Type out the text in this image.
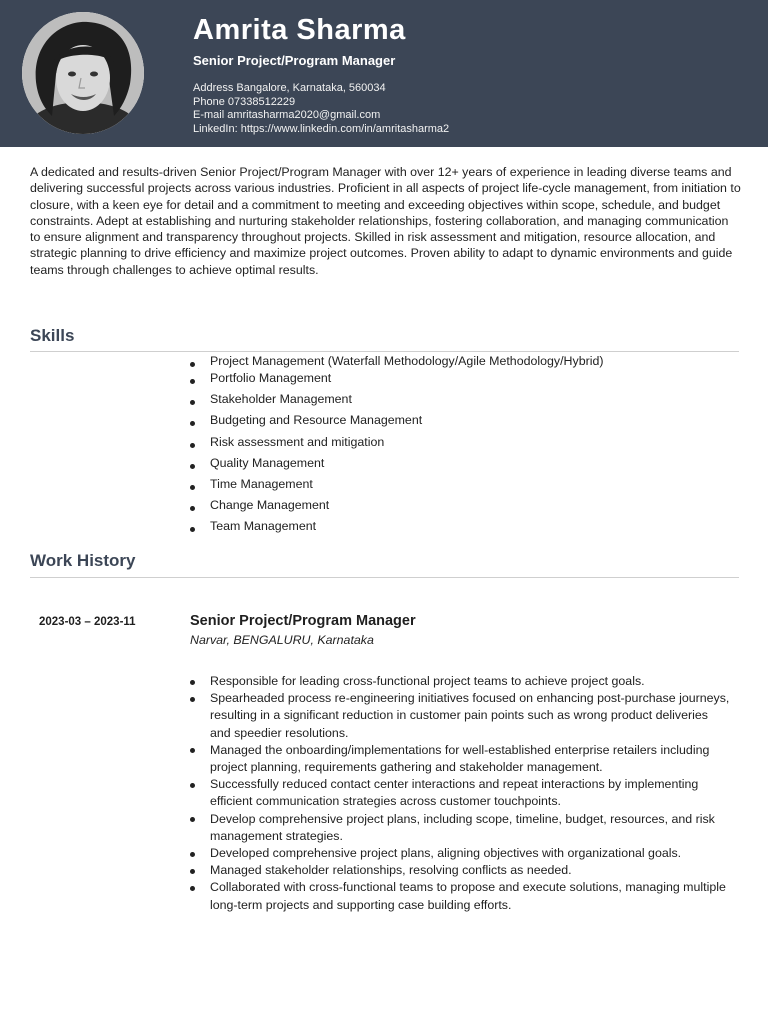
Amrita Sharma
Senior Project/Program Manager
Address Bangalore, Karnataka, 560034
Phone 07338512229
E-mail amritasharma2020@gmail.com
LinkedIn: https://www.linkedin.com/in/amritasharma2
A dedicated and results-driven Senior Project/Program Manager with over 12+ years of experience in leading diverse teams and delivering successful projects across various industries. Proficient in all aspects of project life-cycle management, from initiation to closure, with a keen eye for detail and a commitment to meeting and exceeding objectives within scope, schedule, and budget constraints. Adept at establishing and nurturing stakeholder relationships, fostering collaboration, and managing communication to ensure alignment and transparency throughout projects. Skilled in risk assessment and mitigation, resource allocation, and strategic planning to drive efficiency and maximize project outcomes. Proven ability to adapt to dynamic environments and guide teams through challenges to achieve optimal results.
Skills
Project Management (Waterfall Methodology/Agile Methodology/Hybrid)
Portfolio Management
Stakeholder Management
Budgeting and Resource Management
Risk assessment and mitigation
Quality Management
Time Management
Change Management
Team Management
Work History
2023-03 – 2023-11	Senior Project/Program Manager
Narvar, BENGALURU, Karnataka
Responsible for leading cross-functional project teams to achieve project goals.
Spearheaded process re-engineering initiatives focused on enhancing post-purchase journeys, resulting in a significant reduction in customer pain points such as wrong product deliveries and speedier resolutions.
Managed the onboarding/implementations for well-established enterprise retailers including project planning, requirements gathering and stakeholder management.
Successfully reduced contact center interactions and repeat interactions by implementing efficient communication strategies across customer touchpoints.
Develop comprehensive project plans, including scope, timeline, budget, resources, and risk management strategies.
Developed comprehensive project plans, aligning objectives with organizational goals.
Managed stakeholder relationships, resolving conflicts as needed.
Collaborated with cross-functional teams to propose and execute solutions, managing multiple long-term projects and supporting case building efforts.
